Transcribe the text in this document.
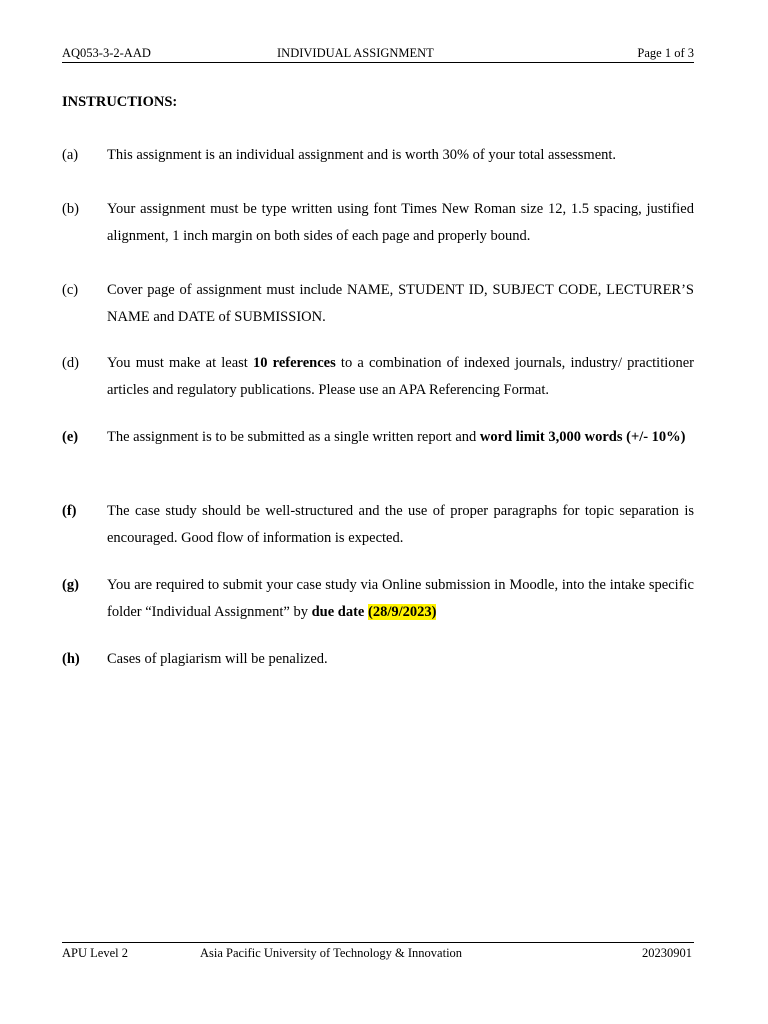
AQ053-3-2-AAD	INDIVIDUAL ASSIGNMENT	Page 1 of 3
INSTRUCTIONS:
(a)	This assignment is an individual assignment and is worth 30% of your total assessment.
(b)	Your assignment must be type written using font Times New Roman size 12, 1.5 spacing, justified alignment, 1 inch margin on both sides of each page and properly bound.
(c)	Cover page of assignment must include NAME, STUDENT ID, SUBJECT CODE, LECTURER’S NAME and DATE of SUBMISSION.
(d)	You must make at least 10 references to a combination of indexed journals, industry/ practitioner articles and regulatory publications. Please use an APA Referencing Format.
(e)	The assignment is to be submitted as a single written report and word limit 3,000 words (+/- 10%)
(f)	The case study should be well-structured and the use of proper paragraphs for topic separation is encouraged. Good flow of information is expected.
(g)	You are required to submit your case study via Online submission in Moodle, into the intake specific folder “Individual Assignment” by due date (28/9/2023)
(h)	Cases of plagiarism will be penalized.
APU Level 2	Asia Pacific University of Technology & Innovation	20230901
